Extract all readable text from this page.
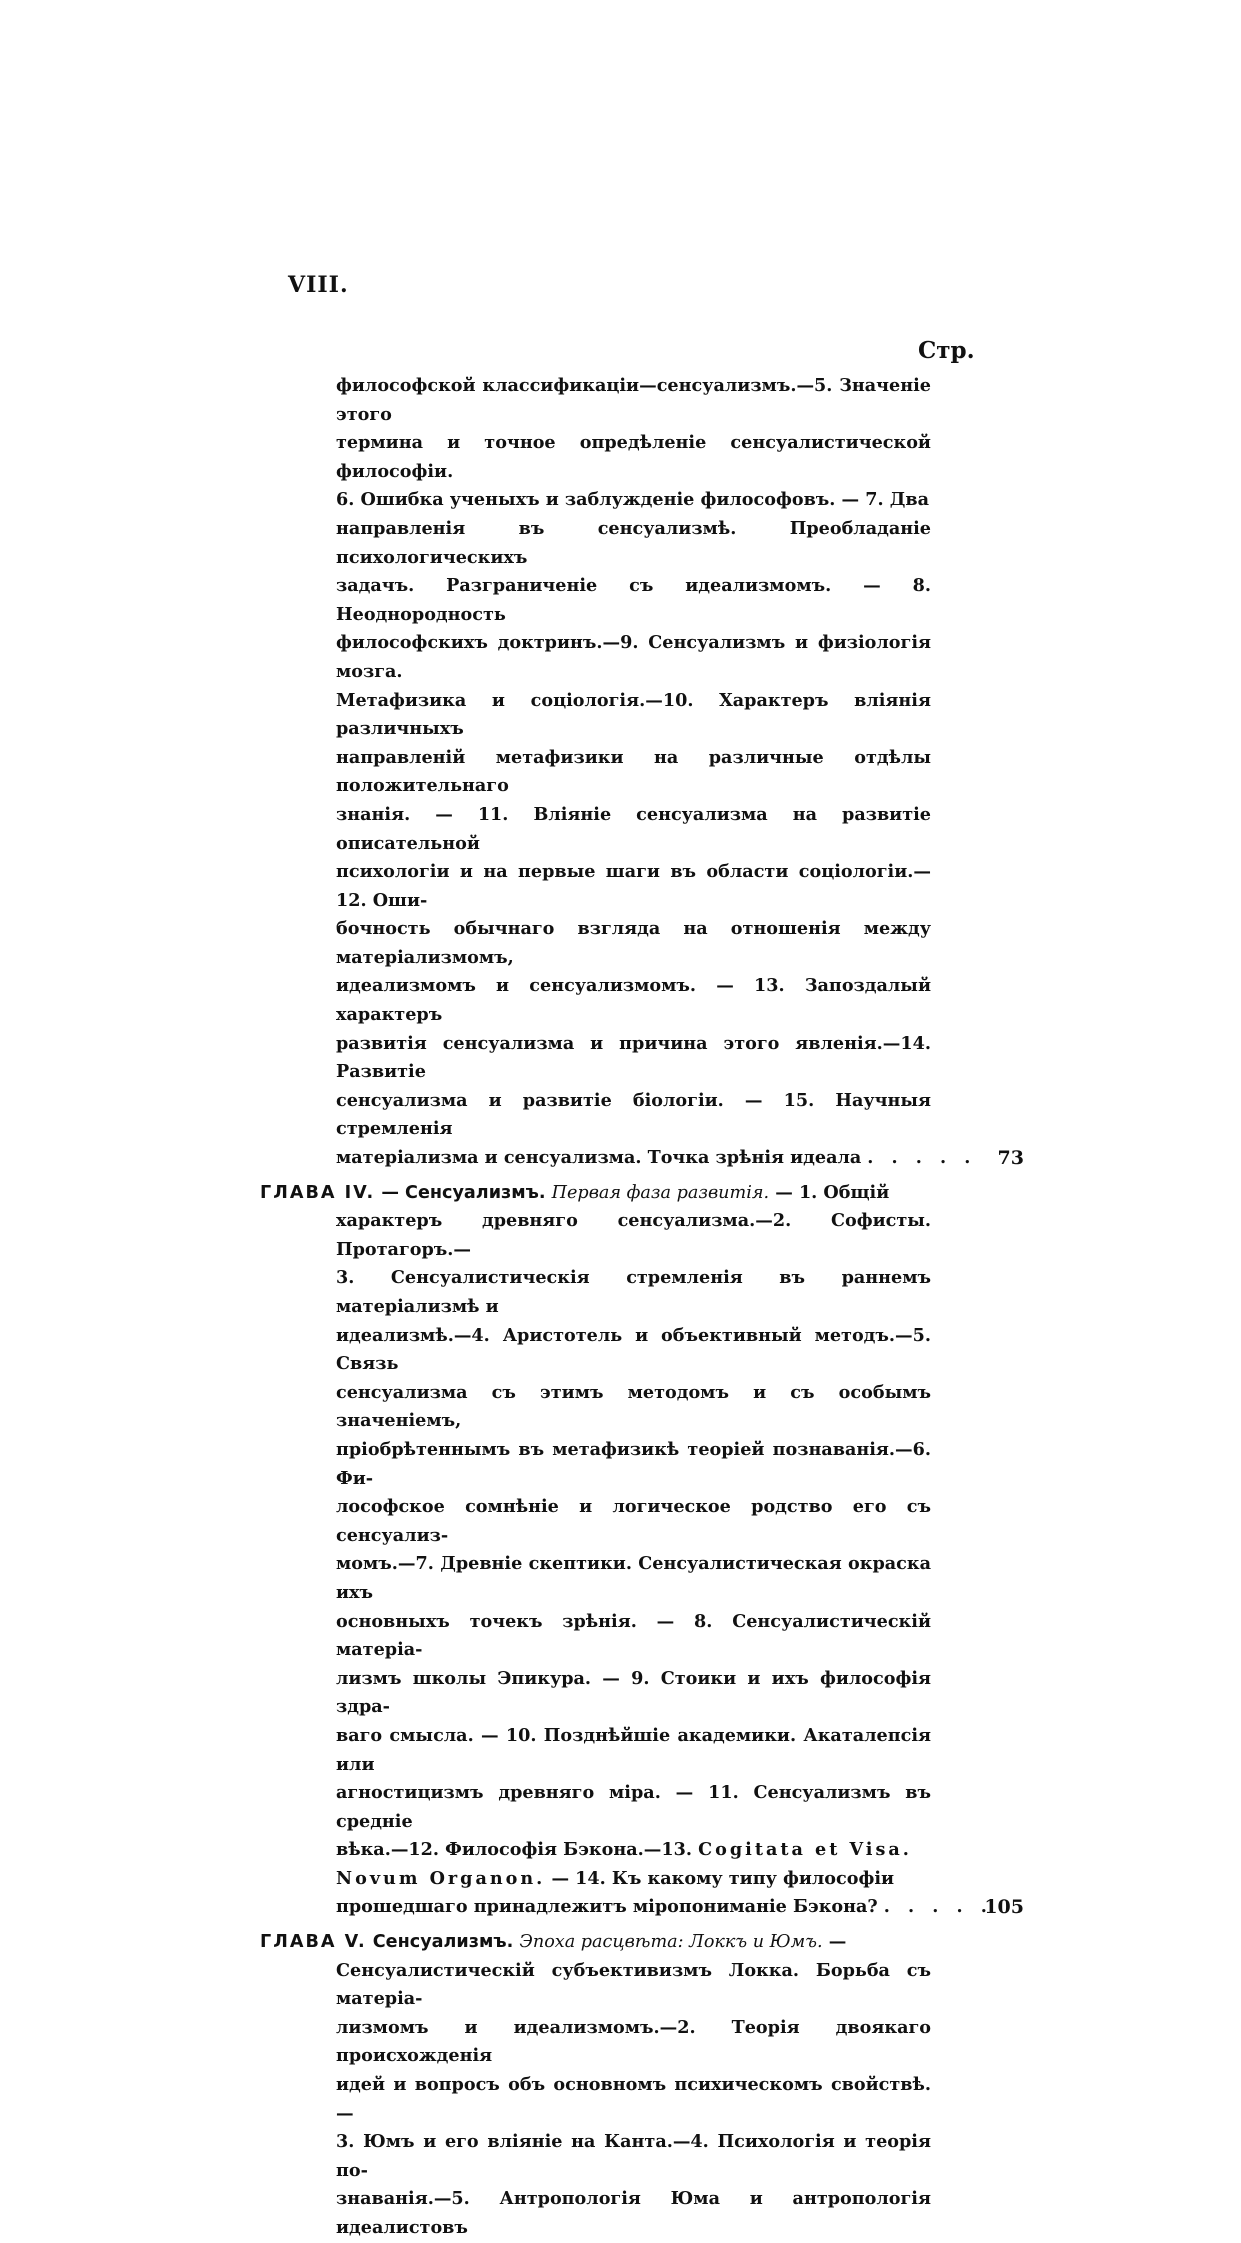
VIII.
Стр.
философской классификаціи—сенсуализмъ.—5. Значеніе этого
термина и точное опредѣленіе сенсуалистической философіи.
6. Ошибка ученыхъ и заблужденіе философовъ. — 7. Два
направленія въ сенсуализмѣ. Преобладаніе психологическихъ
задачъ. Разграниченіе съ идеализмомъ. — 8. Неоднородность
философскихъ доктринъ.—9. Сенсуализмъ и физіологія мозга.
Метафизика и соціологія.—10. Характеръ вліянія различныхъ
направленій метафизики на различные отдѣлы положительнаго
знанія. — 11. Вліяніе сенсуализма на развитіе описательной
психологіи и на первые шаги въ области соціологіи.—12. Оши-
бочность обычнаго взгляда на отношенія между матеріализмомъ,
идеализмомъ и сенсуализмомъ. — 13. Запоздалый характеръ
развитія сенсуализма и причина этого явленія.—14. Развитіе
сенсуализма и развитіе біологіи. — 15. Научныя стремленія
матеріализма и сенсуализма. Точка зрѣнія идеала . . . . . 73
ГЛАВА IV. — Сенсуализмъ. Первая фаза развитія. — 1. Общій
характеръ древняго сенсуализма.—2. Софисты. Протагоръ.—
3. Сенсуалистическія стремленія въ раннемъ матеріализмѣ и
идеализмѣ.—4. Аристотель и объективный методъ.—5. Связь
сенсуализма съ этимъ методомъ и съ особымъ значеніемъ,
пріобрѣтеннымъ въ метафизикѣ теоріей познаванія.—6. Фи-
лософское сомнѣніе и логическое родство его съ сенсуализ-
момъ.—7. Древніе скептики. Сенсуалистическая окраска ихъ
основныхъ точекъ зрѣнія. — 8. Сенсуалистическій матеріа-
лизмъ школы Эпикура. — 9. Стоики и ихъ философія здра-
ваго смысла. — 10. Позднѣйшіе академики. Акаталепсія или
агностицизмъ древняго міра. — 11. Сенсуализмъ въ средніе
вѣка.—12. Философія Бэкона.—13. Cogitata et Visa.
Novum Organon. — 14. Къ какому типу философіи
прошедшаго принадлежитъ міропониманіе Бэкона? . . . . .
105
ГЛАВА V. Сенсуализмъ. Эпоха расцвѣта: Локкъ и Юмъ. —
Сенсуалистическій субъективизмъ Локка. Борьба съ матеріа-
лизмомъ и идеализмомъ.—2. Теорія двоякаго происхожденія
идей и вопросъ объ основномъ психическомъ свойствѣ. —
3. Юмъ и его вліяніе на Канта.—4. Психологія и теорія по-
знаванія.—5. Антропологія Юма и антропологія идеалистовъ
